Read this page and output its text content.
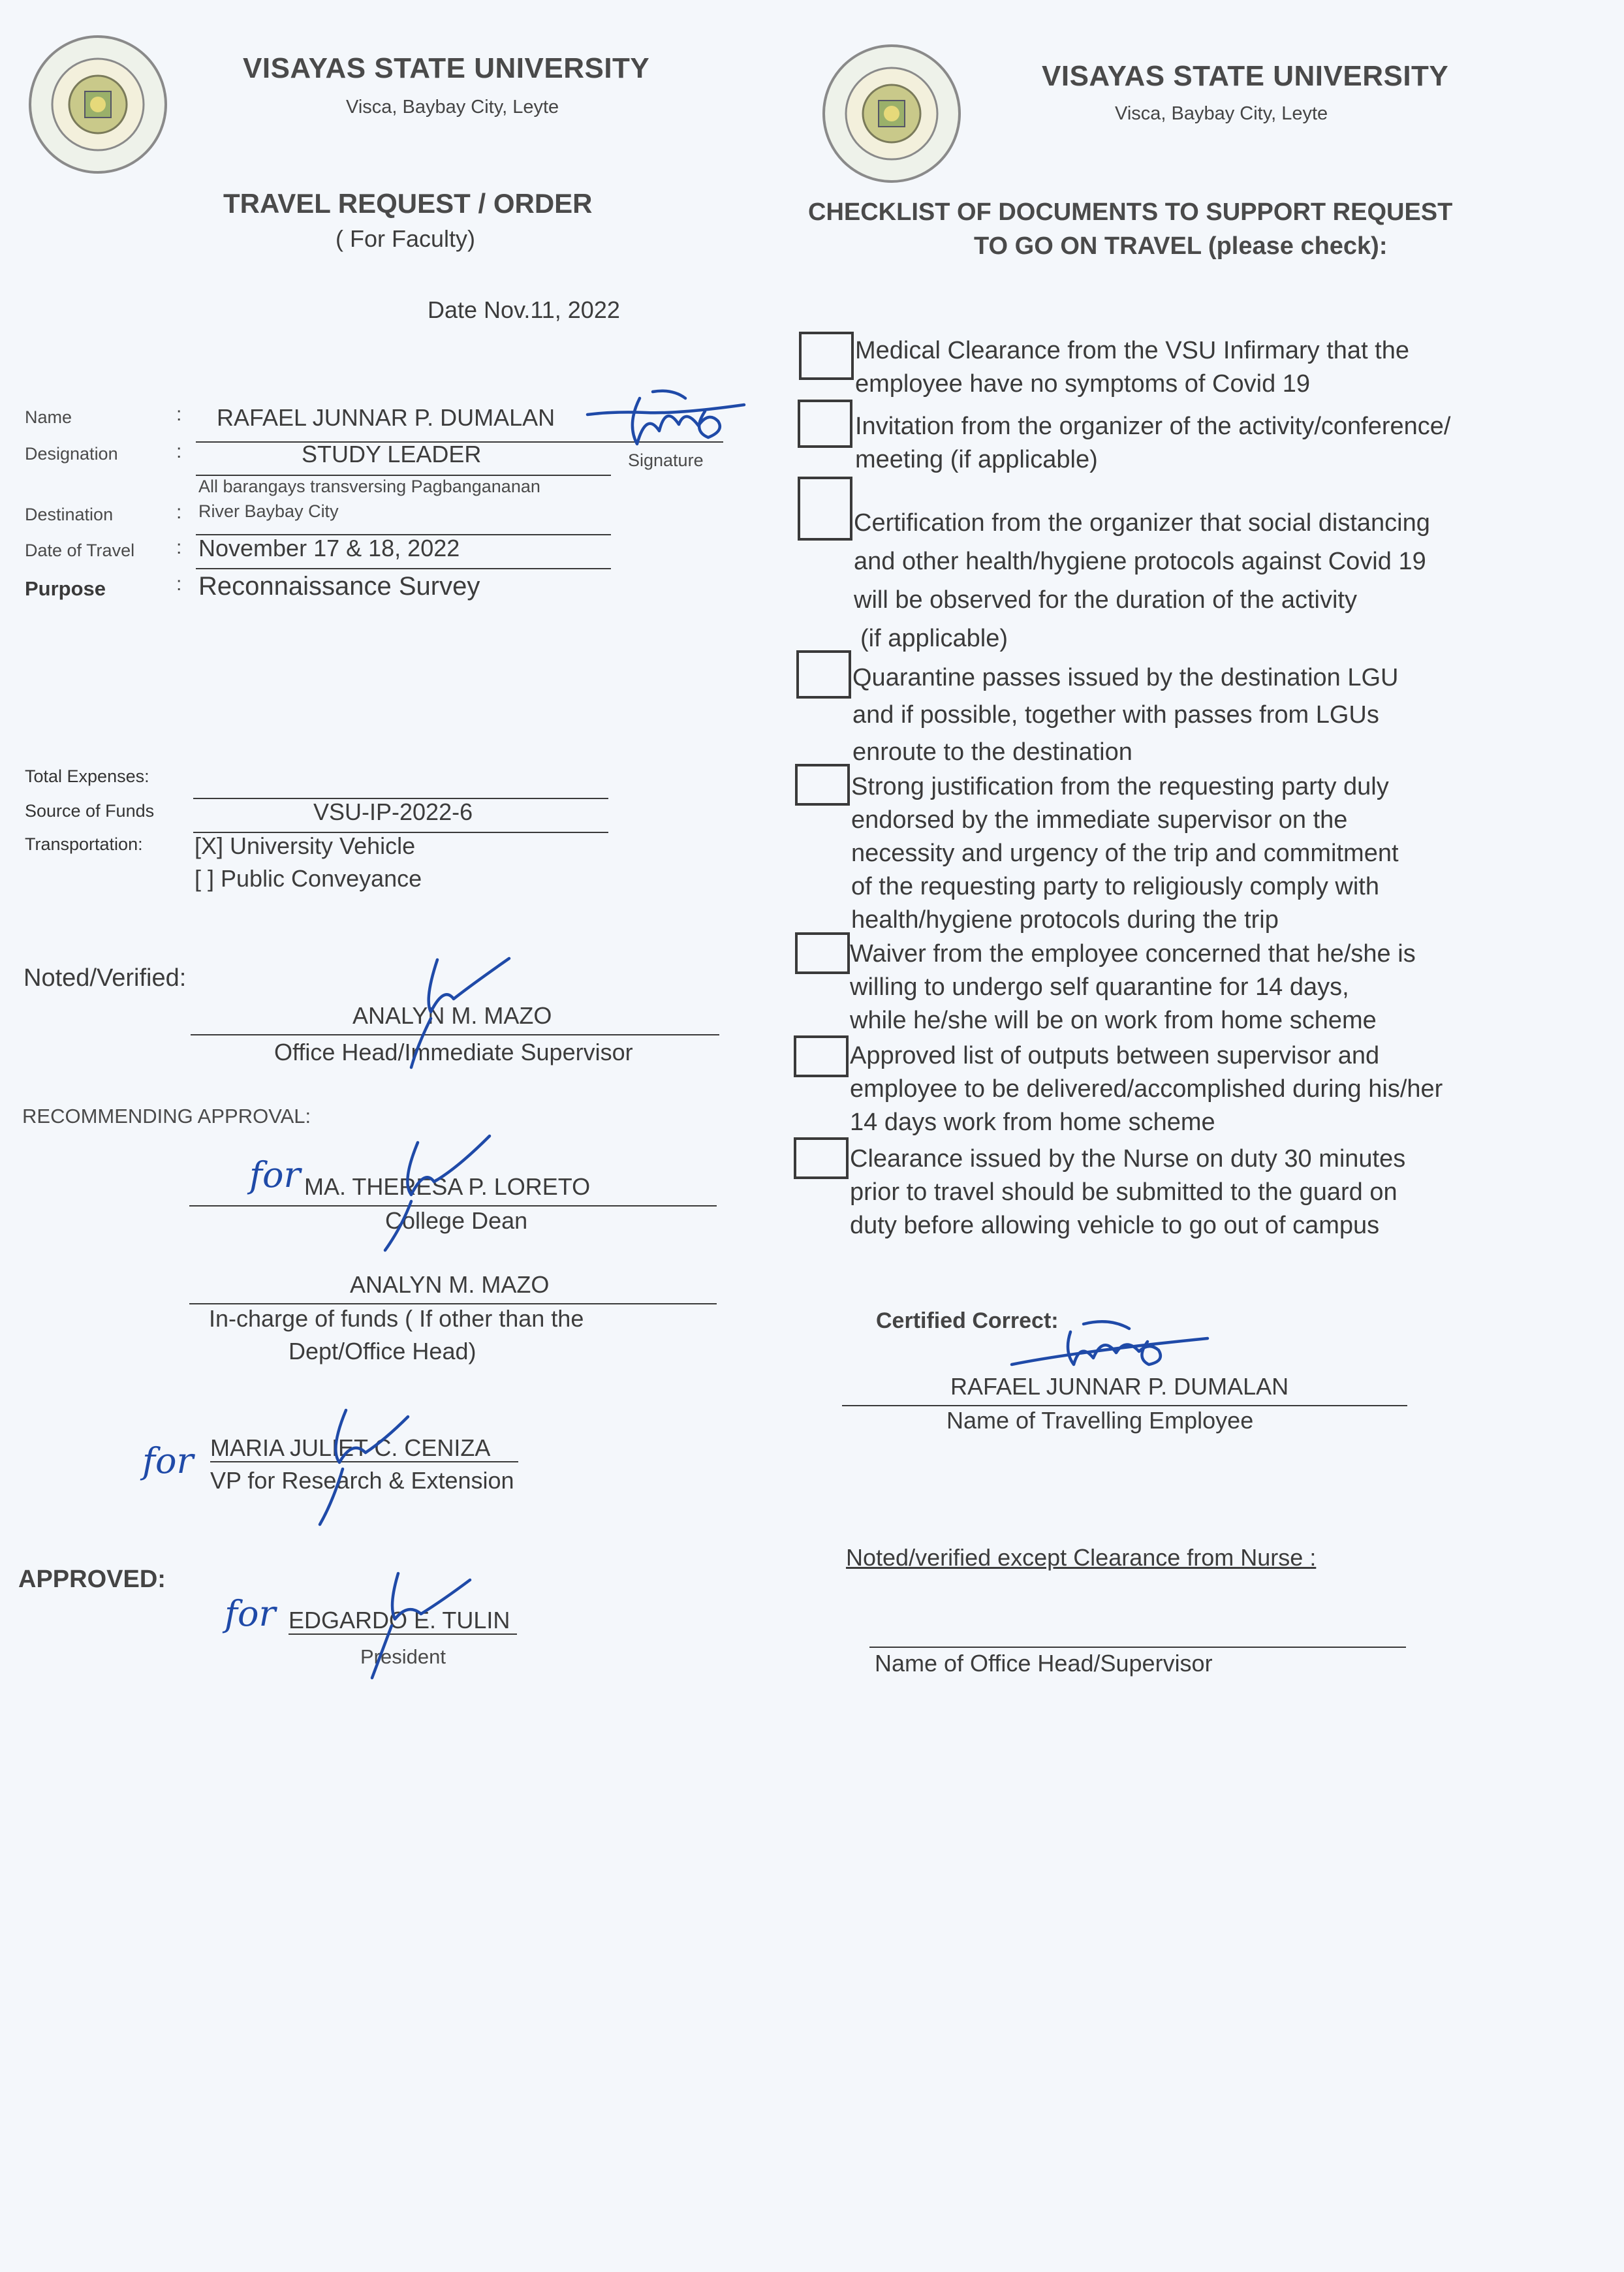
VISAYAS STATE UNIVERSITY
Visca, Baybay City, Leyte
TRAVEL REQUEST / ORDER
( For Faculty)
Date Nov.11, 2022
Name
Designation
Destination
Date of Travel
Purpose
:
:
:
:
:
RAFAEL JUNNAR P. DUMALAN
Signature
STUDY LEADER
All barangays transversing Pagbangananan
River Baybay City
November 17 & 18, 2022
Reconnaissance Survey
Total Expenses:
Source of Funds	VSU-IP-2022-6
Transportation: [X] University Vehicle
[ ] Public Conveyance
Noted/Verified:
ANALYN M. MAZO
Office Head/Immediate Supervisor
RECOMMENDING APPROVAL:
for MA. THERESA P. LORETO
College Dean
ANALYN M. MAZO
In-charge of funds ( If other than the
Dept/Office Head)
for MARIA JULIET C. CENIZA
VP for Research & Extension
APPROVED:
for EDGARDO E. TULIN
President
VISAYAS STATE UNIVERSITY
Visca, Baybay City, Leyte
CHECKLIST OF DOCUMENTS TO SUPPORT REQUEST
TO GO ON TRAVEL (please check):
Medical Clearance from the VSU Infirmary that the
employee have no symptoms of Covid 19
Invitation from the organizer of the activity/conference/
meeting (if applicable)
Certification from the organizer that social distancing
and other health/hygiene protocols against Covid 19
will be observed for the duration of the activity
(if applicable)
Quarantine passes issued by the destination LGU
and if possible, together with passes from LGUs
enroute to the destination
Strong justification from the requesting party duly
endorsed by the immediate supervisor on the
necessity and urgency of the trip and commitment
of the requesting party to religiously comply with
health/hygiene protocols during the trip
Waiver from the employee concerned that he/she is
willing to undergo self quarantine for 14 days,
while he/she will be on work from home scheme
Approved list of outputs between supervisor and
employee to be delivered/accomplished during his/her
14 days work from home scheme
Clearance issued by the Nurse on duty 30 minutes
prior to travel should be submitted to the guard on
duty before allowing vehicle to go out of campus
Certified Correct:
RAFAEL JUNNAR P. DUMALAN
Name of Travelling Employee
Noted/verified except Clearance from Nurse :
Name of Office Head/Supervisor
